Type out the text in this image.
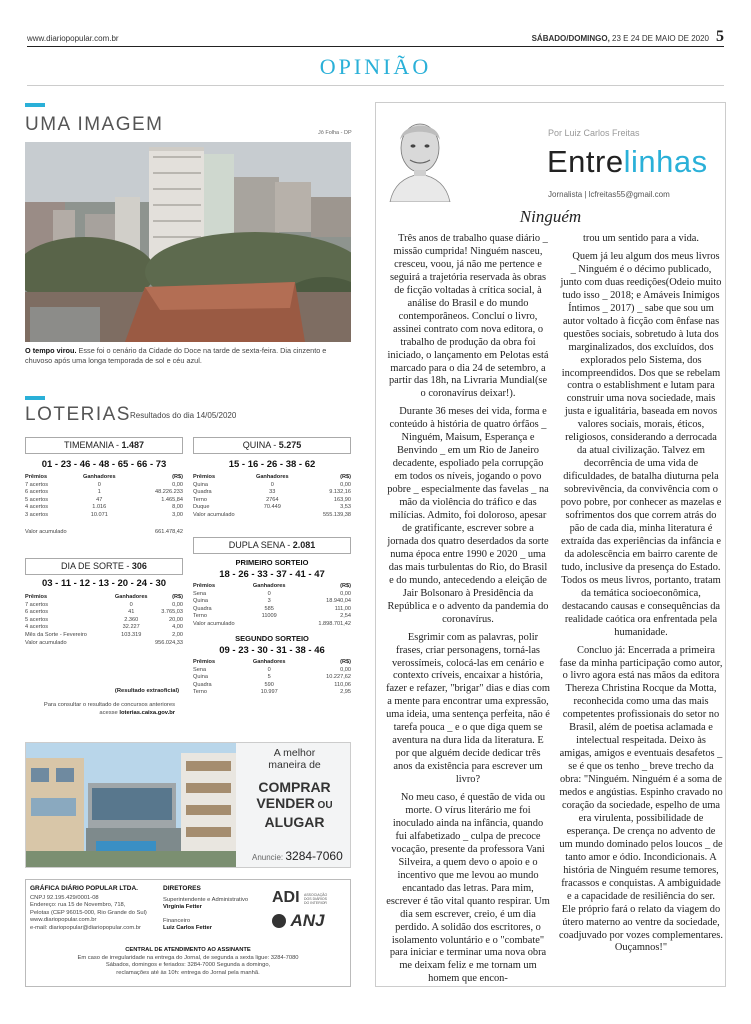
www.diariopopular.com.br	SÁBADO/DOMINGO, 23 E 24 DE MAIO DE 2020 5
OPINIÃO
UMA IMAGEM	Jô Folha - DP
O tempo virou. Esse foi o cenário da Cidade do Doce na tarde de sexta-feira. Dia cinzento e chuvoso após uma longa temporada de sol e céu azul.
LOTERIAS Resultados do dia 14/05/2020
TIMEMANIA - 1.487
01 - 23 - 46 - 48 - 65 - 66 - 73
Prêmios	Ganhadores	(R$)
7 acertos	0	0,00
6 acertos	1	48.226.233
5 acertos	47	1.465,84
4 acertos	1.016	8,00
3 acertos	10.071	3,00
Valor acumulado	661.478,42
QUINA - 5.275
15 - 16 - 26 - 38 - 62
Prêmios	Ganhadores	(R$)
Quina	0	0,00
Quadra	33	9.132,16
Terno	2764	163,90
Duque	70.449	3,53
Valor acumulado	555.139,38
DIA DE SORTE - 306
03 - 11 - 12 - 13 - 20 - 24 - 30
Prêmios	Ganhadores	(R$)
7 acertos	0	0,00
6 acertos	41	3.765,03
5 acertos	2.360	20,00
4 acertos	32.227	4,00
Mês da Sorte - Fevereiro	103.319	2,00
Valor acumulado	956.024,33
DUPLA SENA - 2.081
PRIMEIRO SORTEIO
18 - 26 - 33 - 37 - 41 - 47
Prêmios	Ganhadores	(R$)
Sena	0	0,00
Quina	3	18.940,04
Quadra	585	111,00
Terno	11009	2,54
Valor acumulado	1.898.701,42
SEGUNDO SORTEIO
09 - 23 - 30 - 31 - 38 - 46
Prêmios	Ganhadores	(R$)
Sena	0	0,00
Quina	5	10.227,62
Quadra	590	110,06
Terno	10.997	2,95
(Resultado extraoficial)
Para consultar o resultado de concursos anteriores
acesse loterias.caixa.gov.br
A melhor
maneira de
COMPRAR
VENDER OU
ALUGAR
Anuncie: 3284-7060
GRÁFICA DIÁRIO POPULAR LTDA.
CNPJ 92.195.429/0001-08
Endereço: rua 15 de Novembro, 718,
Pelotas (CEP 96015-000, Rio Grande do Sul)
www.diariopopular.com.br
e-mail: diariopopular@diariopopular.com.br
DIRETORES
Superintendente e Administrativo
Virgínia Fetter
Financeiro
Luiz Carlos Fetter
ADI ASSOCIAÇÃO DOS DIÁRIOS DO INTERIOR
ANJ
CENTRAL DE ATENDIMENTO AO ASSINANTE
Em caso de irregularidade na entrega do Jornal, de segunda a sexta ligue: 3284-7080
Sábados, domingos e feriados: 3284-7000 Segunda a domingo,
reclamações até às 10h: entrega do Jornal pela manhã.
Por Luiz Carlos Freitas
Entrelinhas
Jornalista | lcfreitas55@gmail.com
Ninguém

Três anos de trabalho quase diário _ missão cumprida! Ninguém nasceu, cresceu, voou, já não me pertence e seguirá a trajetória reservada às obras de ficção voltadas à crítica social, à análise do Brasil e do mundo contemporâneos. Concluí o livro, assinei contrato com nova editora, o trabalho de produção da obra foi iniciado, o lançamento em Pelotas está marcado para o dia 24 de setembro, a partir das 18h, na Livraria Mundial(se o coronavírus deixar!).

Durante 36 meses dei vida, forma e conteúdo à história de quatro órfãos _ Ninguém, Maisum, Esperança e Benvindo _ em um Rio de Janeiro decadente, espoliado pela corrupção em todos os níveis, jogando o povo pobre _ especialmente das favelas _ na mão da violência do tráfico e das milícias. Admito, foi doloroso, apesar de gratificante, escrever sobre a jornada dos quatro deserdados da sorte numa época entre 1990 e 2020 _ uma das mais turbulentas do Rio, do Brasil e do mundo, antecedendo a eleição de Jair Bolsonaro à Presidência da República e o advento da pandemia do coronavírus.

Esgrimir com as palavras, polir frases, criar personagens, torná-las verossímeis, colocá-las em cenário e contexto críveis, encaixar a história, fazer e refazer, "brigar" dias e dias com a mente para encontrar uma expressão, uma ideia, uma sentença perfeita, não é tarefa pouca _ e o que diga quem se aventura na dura lida da literatura. E por que alguém decide dedicar três anos da existência para escrever um livro?

No meu caso, é questão de vida ou morte. O vírus literário me foi inoculado ainda na infância, quando fui alfabetizado _ culpa de precoce vocação, presente da professora Vani Silveira, a quem devo o apoio e o incentivo que me levou ao mundo encantado das letras. Para mim, escrever é tão vital quanto respirar. Um dia sem escrever, creio, é um dia perdido. A solidão dos escritores, o isolamento voluntário e o "combate" para iniciar e terminar uma nova obra me deixam feliz e me tornam um homem que encon-

trou um sentido para a vida.

Quem já leu algum dos meus livros _ Ninguém é o décimo publicado, junto com duas reedições(Odeio muito tudo isso _ 2018; e Amáveis Inimigos Íntimos _ 2017) _ sabe que sou um autor voltado à ficção com ênfase nas questões sociais, sobretudo à luta dos marginalizados, dos excluídos, dos explorados pelo Sistema, dos incompreendidos. Dos que se rebelam contra o establishment e lutam para construir uma nova sociedade, mais justa e igualitária, baseada em novos valores sociais, morais, éticos, religiosos, considerando a derrocada da atual civilização. Talvez em decorrência de uma vida de dificuldades, de batalha diuturna pela sobrevivência, da convivência com o povo pobre, por conhecer as mazelas e sofrimentos dos que correm atrás do pão de cada dia, minha literatura é extraída das experiências da infância e da adolescência em bairro carente de tudo, inclusive da presença do Estado. Todos os meus livros, portanto, tratam da temática socioeconômica, destacando causas e consequências da realidade caótica ora enfrentada pela humanidade.

Concluo já: Encerrada a primeira fase da minha participação como autor, o livro agora está nas mãos da editora Thereza Christina Rocque da Motta, reconhecida como uma das mais competentes profissionais do setor no Brasil, além de poetisa aclamada e intelectual respeitada. Deixo às amigas, amigos e eventuais desafetos _ se é que os tenho _ breve trecho da obra: "Ninguém. Ninguém é a soma de medos e angústias. Espinho cravado no coração da sociedade, espelho de uma era virulenta, possibilidade de esperança. De crença no advento de um mundo dominado pelos loucos _ de tanto amor e ódio. Incondicionais. A história de Ninguém resume temores, fracassos e conquistas. A ambiguidade e a capacidade de resiliência do ser. Ele próprio fará o relato da viagem do útero materno ao ventre da sociedade, coadjuvado por vozes complementares. Ouçamnos!"
